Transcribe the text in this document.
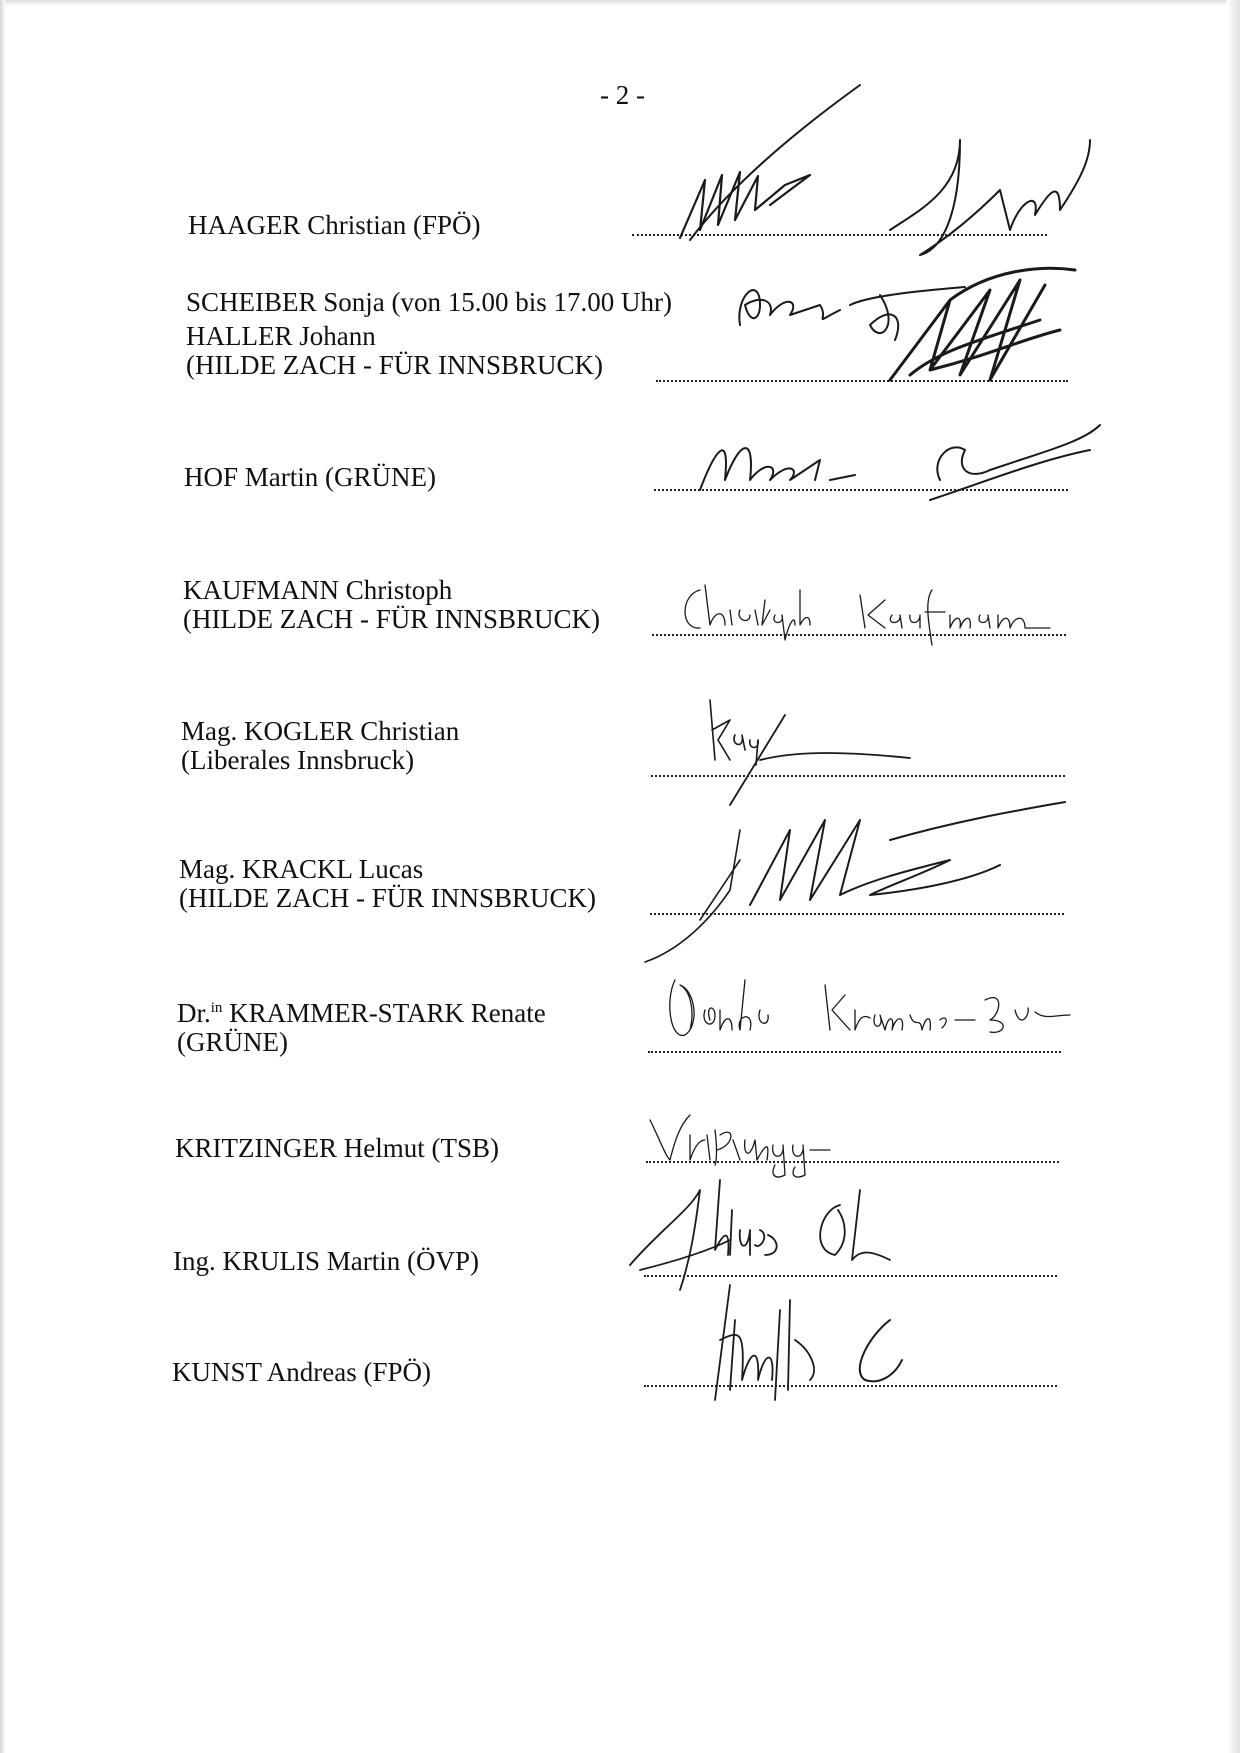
- 2 -
HAAGER Christian (FPÖ)
SCHEIBER Sonja (von 15.00 bis 17.00 Uhr)
HALLER Johann
(HILDE ZACH - FÜR INNSBRUCK)
HOF Martin (GRÜNE)
KAUFMANN Christoph
(HILDE ZACH - FÜR INNSBRUCK)
Mag. KOGLER Christian
(Liberales Innsbruck)
Mag. KRACKL Lucas
(HILDE ZACH - FÜR INNSBRUCK)
Dr.$^{in}$ KRAMMER-STARK Renate
(GRÜNE)
KRITZINGER Helmut (TSB)
Ing. KRULIS Martin (ÖVP)
KUNST Andreas (FPÖ)
